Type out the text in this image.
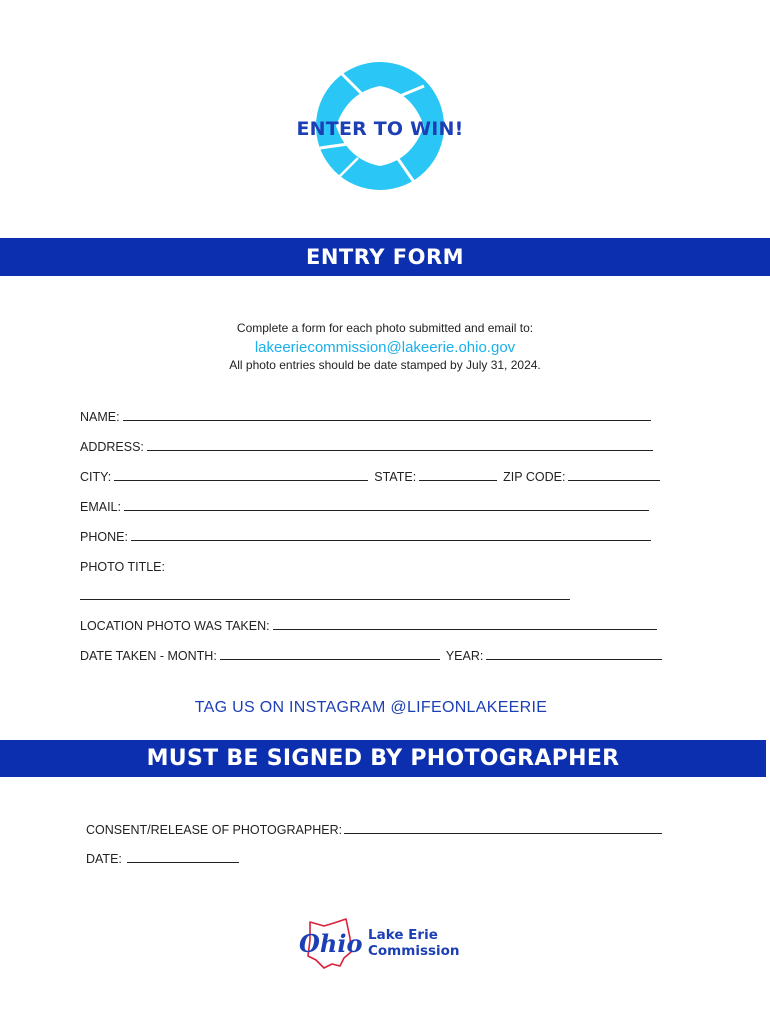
ENTER TO WIN!
ENTRY FORM
Complete a form for each photo submitted and email to:
lakeeriecommission@lakeerie.ohio.gov
All photo entries should be date stamped by July 31, 2024.
NAME:
ADDRESS:
CITY:	STATE:	ZIP CODE:
EMAIL:
PHONE:
PHOTO TITLE:
LOCATION PHOTO WAS TAKEN:
DATE TAKEN - MONTH:	YEAR:
TAG US ON INSTAGRAM @LIFEONLAKEERIE
MUST BE SIGNED BY PHOTOGRAPHER
CONSENT/RELEASE OF PHOTOGRAPHER:
DATE:
Ohio Lake Erie
Commission
